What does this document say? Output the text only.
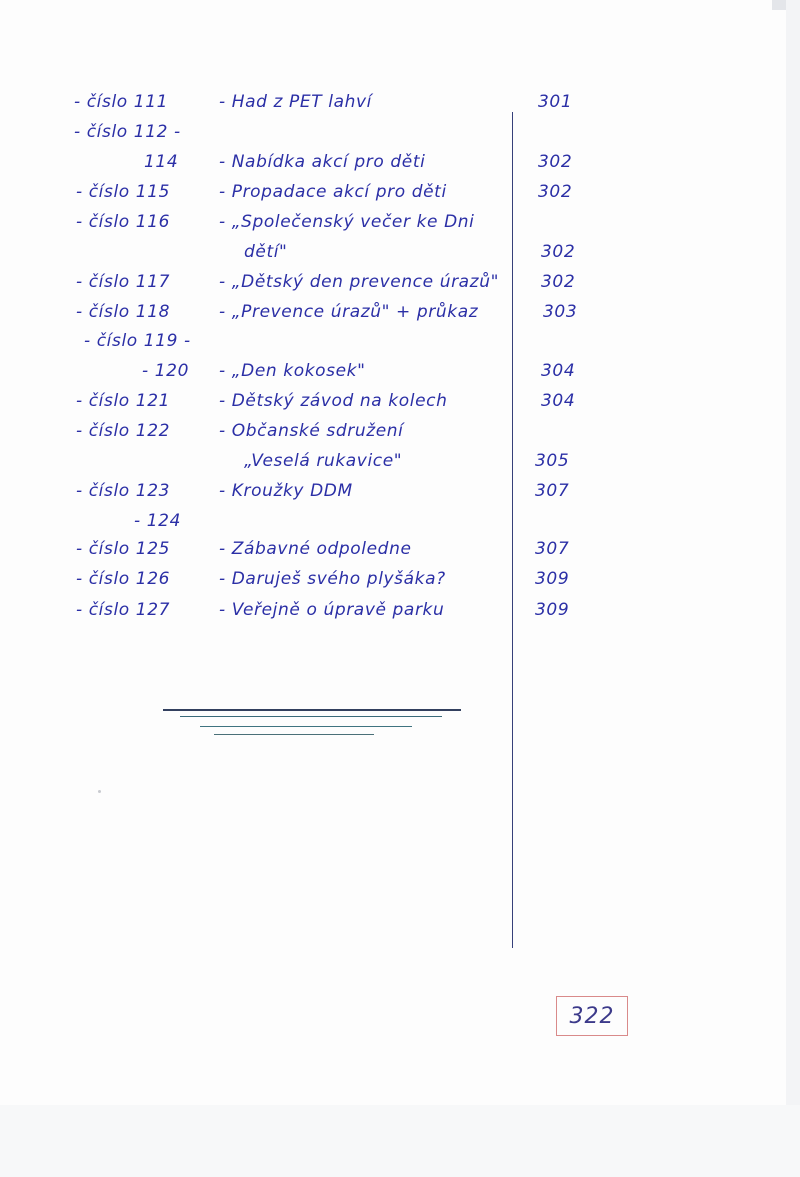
- číslo 111	- Had z PET lahví	301
- číslo 112 -
114 - Nabídka akcí pro děti	302
- číslo 115	- Propadace akcí pro děti	302
- číslo 116	- „Společenský večer ke Dni
dětí"	302
- číslo 117	- „Dětský den prevence úrazů" 302
- číslo 118	- „Prevence úrazů" + průkaz	303
- číslo 119 -
- 120 - „Den kokosek"	304
- číslo 121	- Dětský závod na kolech	304
- číslo 122	- Občanské sdružení
„Veselá rukavice"	305
- číslo 123	- Kroužky DDM	307
- 124
- číslo 125	- Zábavné odpoledne	307
- číslo 126	- Daruješ svého plyšáka?	309
- číslo 127	- Veřejně o úpravě parku	309
322
